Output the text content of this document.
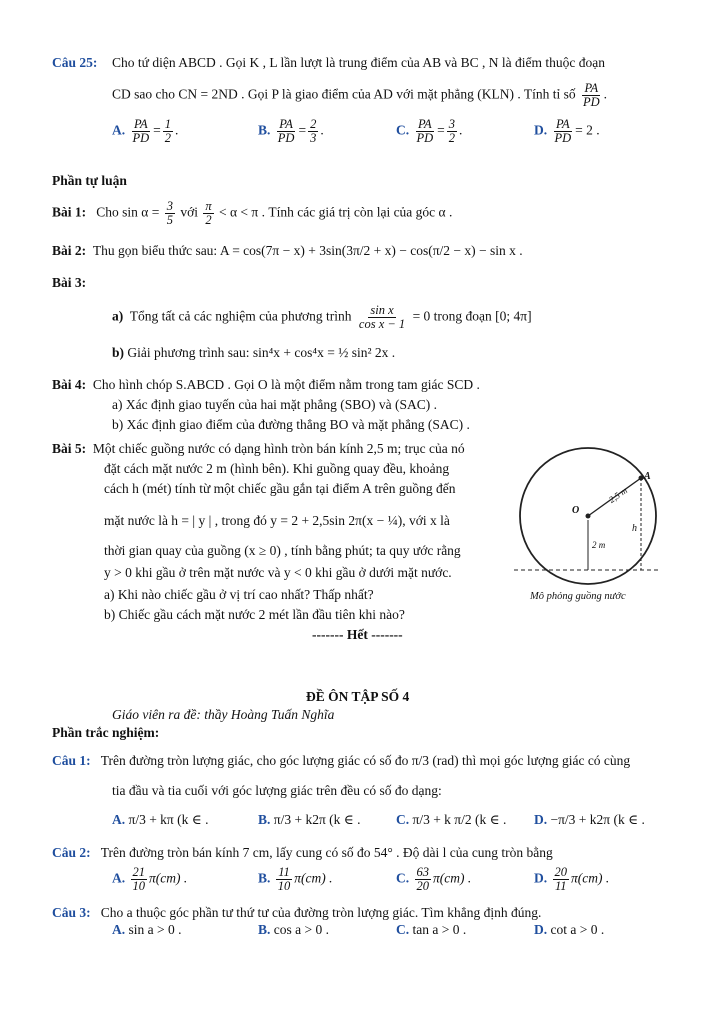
Câu 25: Cho tứ diện ABCD . Gọi K , L lần lượt là trung điểm của AB và BC , N là điểm thuộc đoạn
CD sao cho CN = 2ND . Gọi P là giao điểm của AD với mặt phẳng (KLN) . Tính tỉ số $\frac{PA}{PD}$ .
A. $\frac{PA}{PD} = \frac{1}{2}$ .	B. $\frac{PA}{PD} = \frac{2}{3}$ .	C. $\frac{PA}{PD} = \frac{3}{2}$ .	D. $\frac{PA}{PD} = 2$ .
Phần tự luận
Bài 1: Cho $\sin \alpha = \frac{3}{5}$ với $\frac{\pi}{2} < \alpha < \pi$ . Tính các giá trị còn lại của góc α .
Bài 2: Thu gọn biểu thức sau: A = cos(7π − x) + 3sin(3π/2 + x) − cos(π/2 − x) − sin x .
Bài 3:
a) Tổng tất cả các nghiệm của phương trình $\frac{\text{sin x}}{\text{cos x − 1}} = 0$ trong đoạn [0; 4π]
b) Giải phương trình sau: sin⁴x + cos⁴x = ½ sin² 2x .
Bài 4: Cho hình chóp S.ABCD . Gọi O là một điểm nằm trong tam giác SCD .
a) Xác định giao tuyến của hai mặt phẳng (SBO) và (SAC) .
b) Xác định giao điểm của đường thẳng BO và mặt phẳng (SAC) .
Bài 5: Một chiếc guồng nước có dạng hình tròn bán kính 2,5 m; trục của nó
đặt cách mặt nước 2 m (hình bên). Khi guồng quay đều, khoảng
cách h (mét) tính từ một chiếc gầu gắn tại điểm A trên guồng đến
mặt nước là h = | y | , trong đó y = 2 + 2,5sin 2π(x − ¼), với x là
thời gian quay của guồng (x ≥ 0) , tính bằng phút; ta quy ước rằng
y > 0 khi gầu ở trên mặt nước và y < 0 khi gầu ở dưới mặt nước.
a) Khi nào chiếc gầu ở vị trí cao nhất? Thấp nhất?
b) Chiếc gầu cách mặt nước 2 mét lần đầu tiên khi nào?
------- Hết -------
O
A
2,5 m
2 m
h
Mô phỏng guồng nước
ĐỀ ÔN TẬP SỐ 4
Giáo viên ra đề: thầy Hoàng Tuấn Nghĩa
Phần trắc nghiệm:
Câu 1: Trên đường tròn lượng giác, cho góc lượng giác có số đo π/3 (rad) thì mọi góc lượng giác có cùng
tia đầu và tia cuối với góc lượng giác trên đều có số đo dạng:
A. π/3 + kπ (k ∈ .	B. π/3 + k2π (k ∈ .	C. π/3 + k π/2 (k ∈ . D. −π/3 + k2π (k ∈ .
Câu 2: Trên đường tròn bán kính 7 cm, lấy cung có số đo 54° . Độ dài l của cung tròn bằng
A. $\frac{21}{10} \pi(cm)$ .	B. $\frac{11}{10} \pi(cm)$ .	C. $\frac{63}{20} \pi(cm)$ .	D. $\frac{20}{11} \pi(cm)$ .
Câu 3: Cho a thuộc góc phần tư thứ tư của đường tròn lượng giác. Tìm khẳng định đúng.
A. sin a > 0 .	B. cos a > 0 .	C. tan a > 0 .	D. cot a > 0 .
